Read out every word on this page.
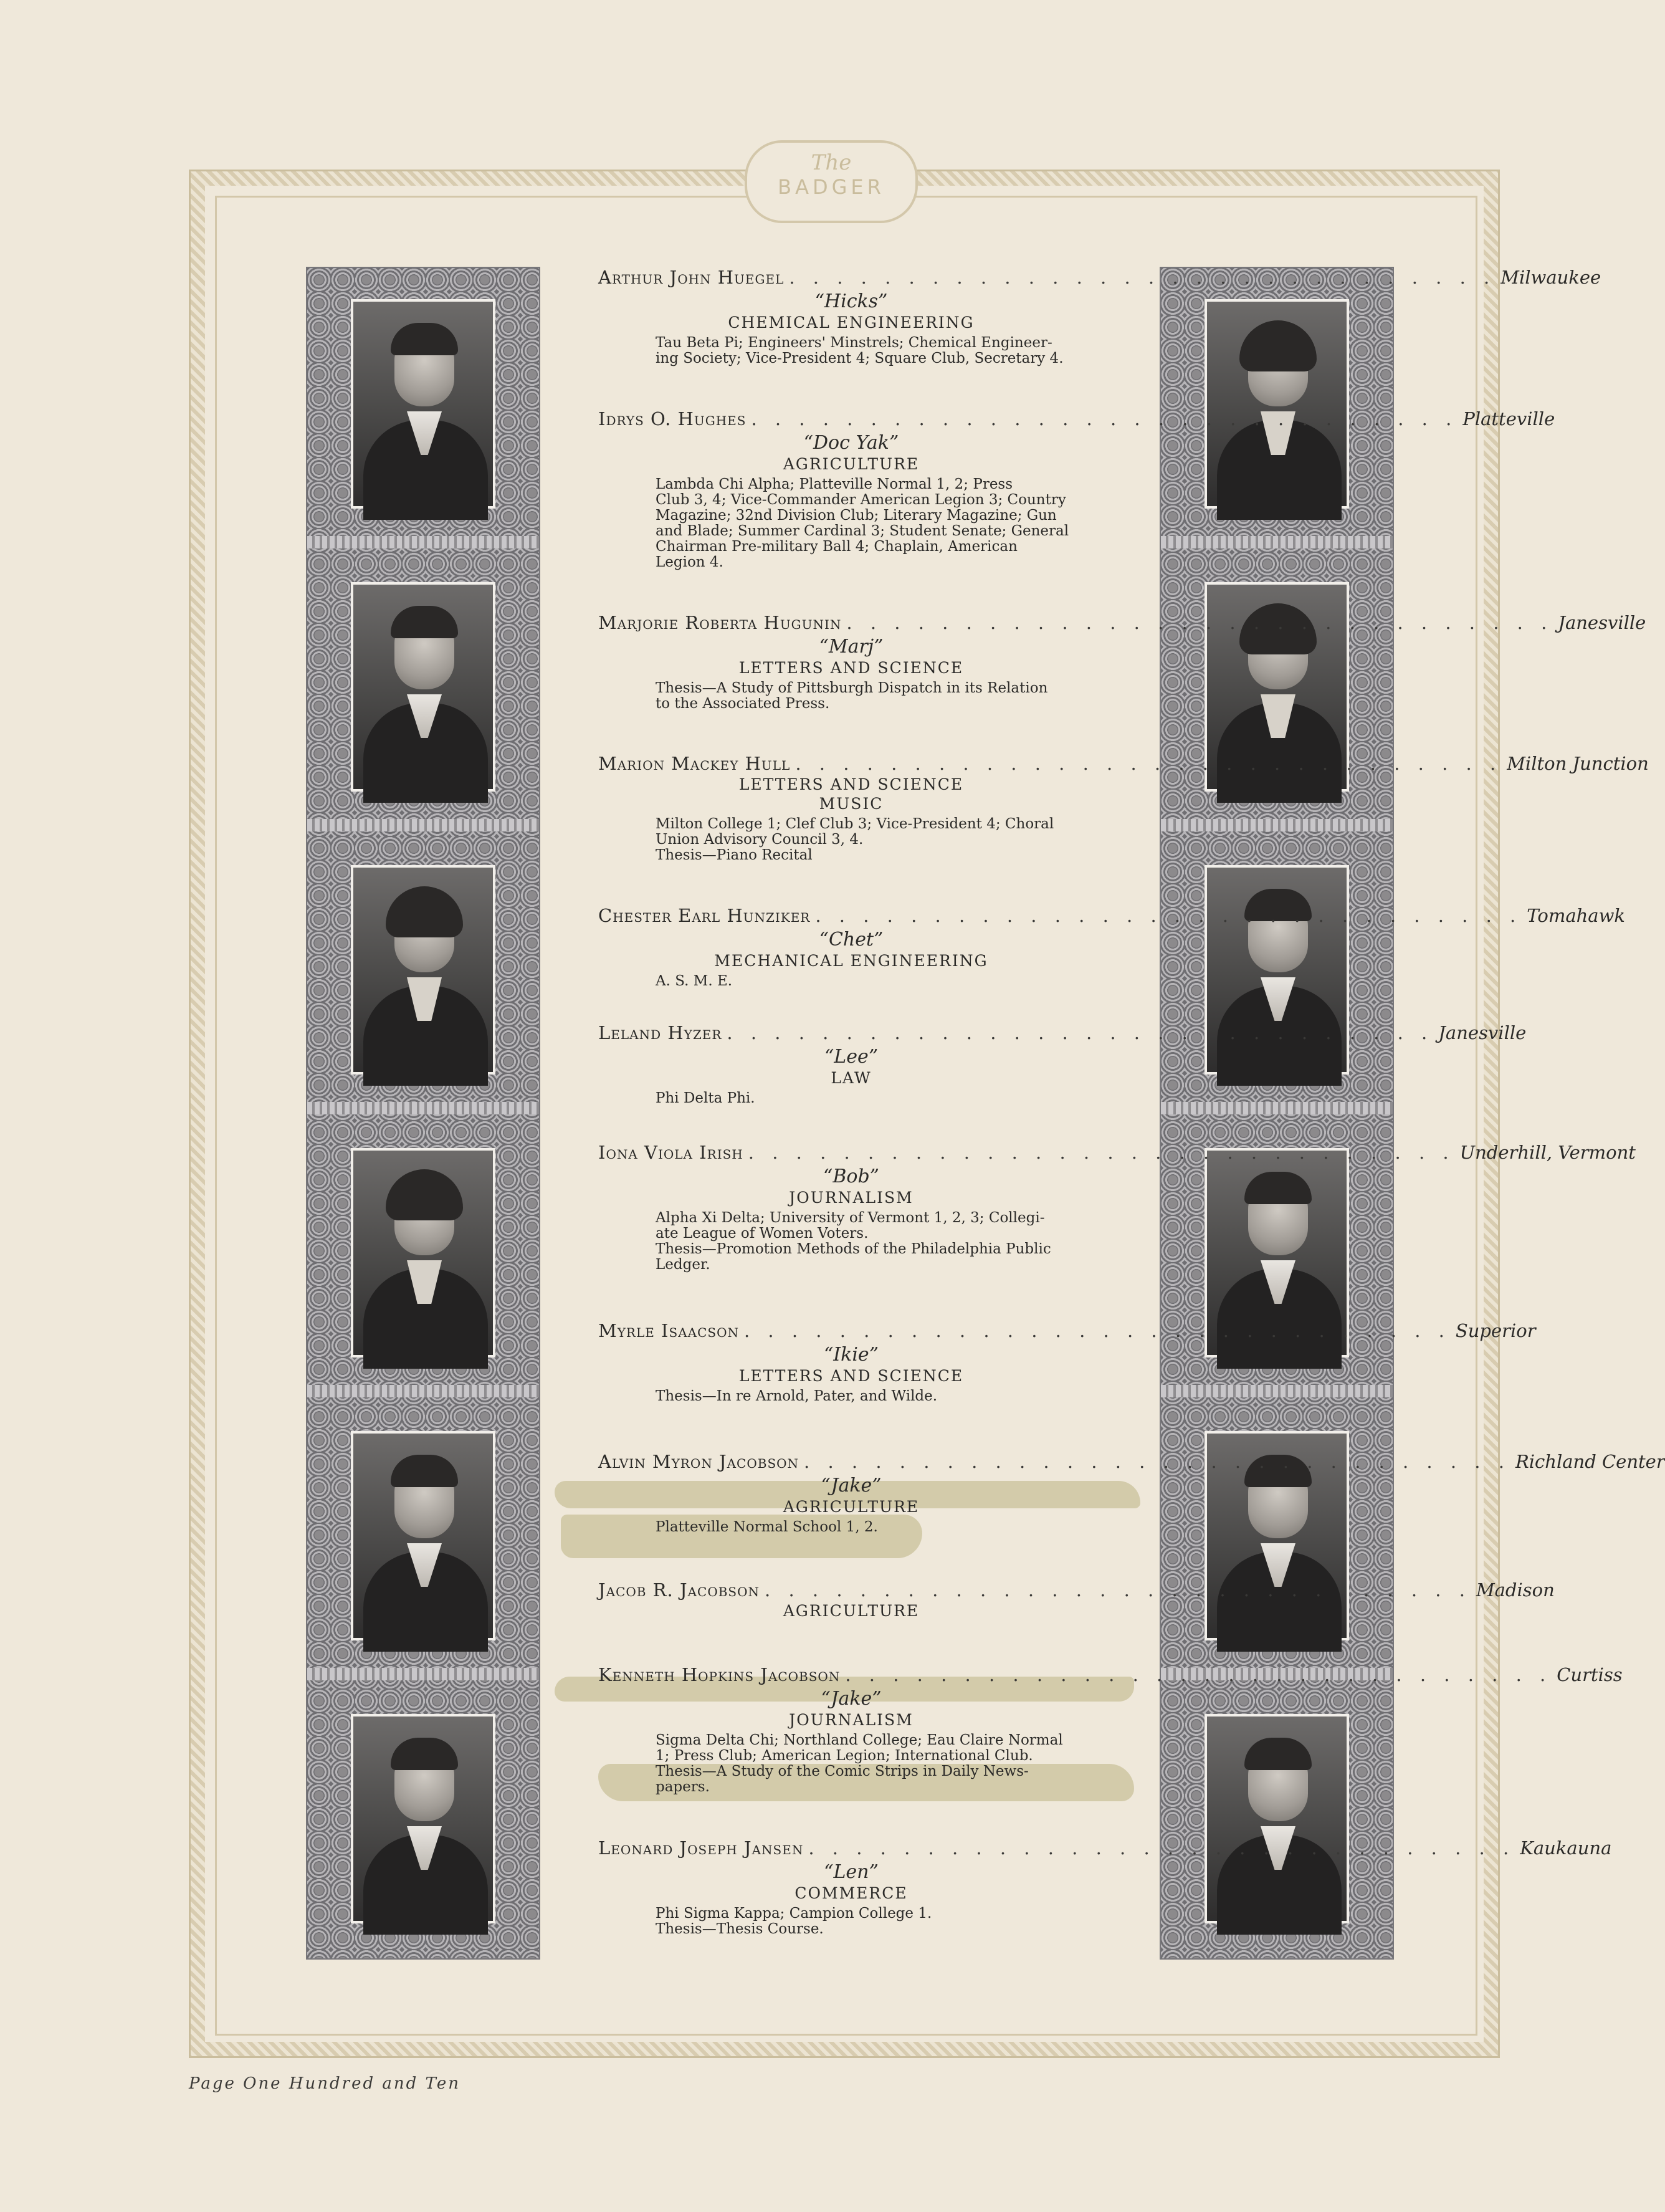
The
BADGER
Arthur John Huegel . . . . . . . . . . . . . . . . . . . . . . . . . . . . . . Milwaukee
“Hicks”
CHEMICAL ENGINEERING
Tau Beta Pi; Engineers' Minstrels; Chemical Engineer-
ing Society; Vice-President 4; Square Club, Secretary 4.
Idrys O. Hughes . . . . . . . . . . . . . . . . . . . . . . . . . . . . . . Platteville
“Doc Yak”
AGRICULTURE
Lambda Chi Alpha; Platteville Normal 1, 2; Press
Club 3, 4; Vice-Commander American Legion 3; Country
Magazine; 32nd Division Club; Literary Magazine; Gun
and Blade; Summer Cardinal 3; Student Senate; General
Chairman Pre-military Ball 4; Chaplain, American
Legion 4.
Marjorie Roberta Hugunin . . . . . . . . . . . . . . . . . . . . . . . . . . . . . . Janesville
“Marj”
LETTERS AND SCIENCE
Thesis—A Study of Pittsburgh Dispatch in its Relation
to the Associated Press.
Marion Mackey Hull . . . . . . . . . . . . . . . . . . . . . . . . . . . . . . Milton Junction
LETTERS AND SCIENCE
MUSIC
Milton College 1; Clef Club 3; Vice-President 4; Choral
Union Advisory Council 3, 4.
Thesis—Piano Recital
Chester Earl Hunziker . . . . . . . . . . . . . . . . . . . . . . . . . . . . . . Tomahawk
“Chet”
MECHANICAL ENGINEERING
A. S. M. E.
Leland Hyzer . . . . . . . . . . . . . . . . . . . . . . . . . . . . . . Janesville
“Lee”
LAW
Phi Delta Phi.
Iona Viola Irish . . . . . . . . . . . . . . . . . . . . . . . . . . . . . . Underhill, Vermont
“Bob”
JOURNALISM
Alpha Xi Delta; University of Vermont 1, 2, 3; Collegi-
ate League of Women Voters.
Thesis—Promotion Methods of the Philadelphia Public
Ledger.
Myrle Isaacson . . . . . . . . . . . . . . . . . . . . . . . . . . . . . . Superior
“Ikie”
LETTERS AND SCIENCE
Thesis—In re Arnold, Pater, and Wilde.
Alvin Myron Jacobson . . . . . . . . . . . . . . . . . . . . . . . . . . . . . . Richland Center
“Jake”
AGRICULTURE
Platteville Normal School 1, 2.
Jacob R. Jacobson . . . . . . . . . . . . . . . . . . . . . . . . . . . . . . Madison
AGRICULTURE
Kenneth Hopkins Jacobson . . . . . . . . . . . . . . . . . . . . . . . . . . . . . . Curtiss
“Jake”
JOURNALISM
Sigma Delta Chi; Northland College; Eau Claire Normal
1; Press Club; American Legion; International Club.
Thesis—A Study of the Comic Strips in Daily News-
papers.
Leonard Joseph Jansen . . . . . . . . . . . . . . . . . . . . . . . . . . . . . . Kaukauna
“Len”
COMMERCE
Phi Sigma Kappa; Campion College 1.
Thesis—Thesis Course.
Page One Hundred and Ten
